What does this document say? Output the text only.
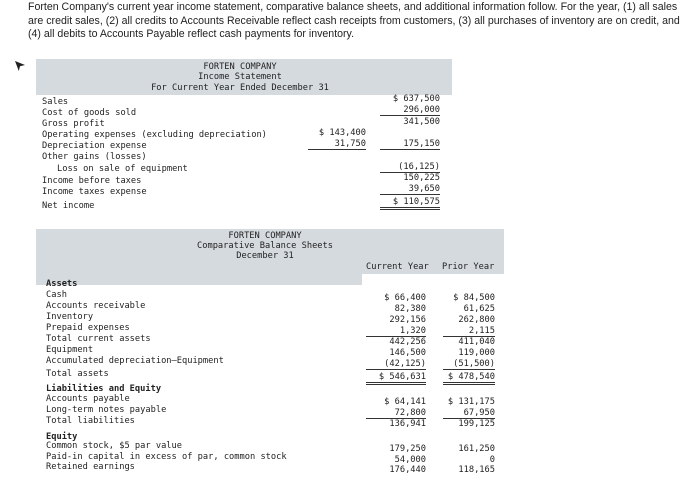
Forten Company's current year income statement, comparative balance sheets, and additional information follow. For the year, (1) all sales are credit sales, (2) all credits to Accounts Receivable reflect cash receipts from customers, (3) all purchases of inventory are on credit, and (4) all debits to Accounts Payable reflect cash payments for inventory.
FORTEN COMPANY
Income Statement
For Current Year Ended December 31
Sales	$ 637,500
Cost of goods sold	296,000
Gross profit	341,500
Operating expenses (excluding depreciation)	$ 143,400
Depreciation expense	31,750	175,150
Other gains (losses)
Loss on sale of equipment	(16,125)
Income before taxes	150,225
Income taxes expense	39,650
Net income	$ 110,575
FORTEN COMPANY
Comparative Balance Sheets
December 31
Current Year Prior Year
Assets
Cash	$ 66,400	$ 84,500
Accounts receivable	82,380	61,625
Inventory	292,156	262,800
Prepaid expenses	1,320	2,115
Total current assets	442,256	411,040
Equipment	146,500	119,000
Accumulated depreciation—Equipment	(42,125)	(51,500)
Total assets	$ 546,631	$ 478,540
Liabilities and Equity
Accounts payable	$ 64,141	$ 131,175
Long-term notes payable	72,800	67,950
Total liabilities	136,941	199,125
Equity
Common stock, $5 par value	179,250	161,250
Paid-in capital in excess of par, common stock	54,000	0
Retained earnings	176,440	118,165
